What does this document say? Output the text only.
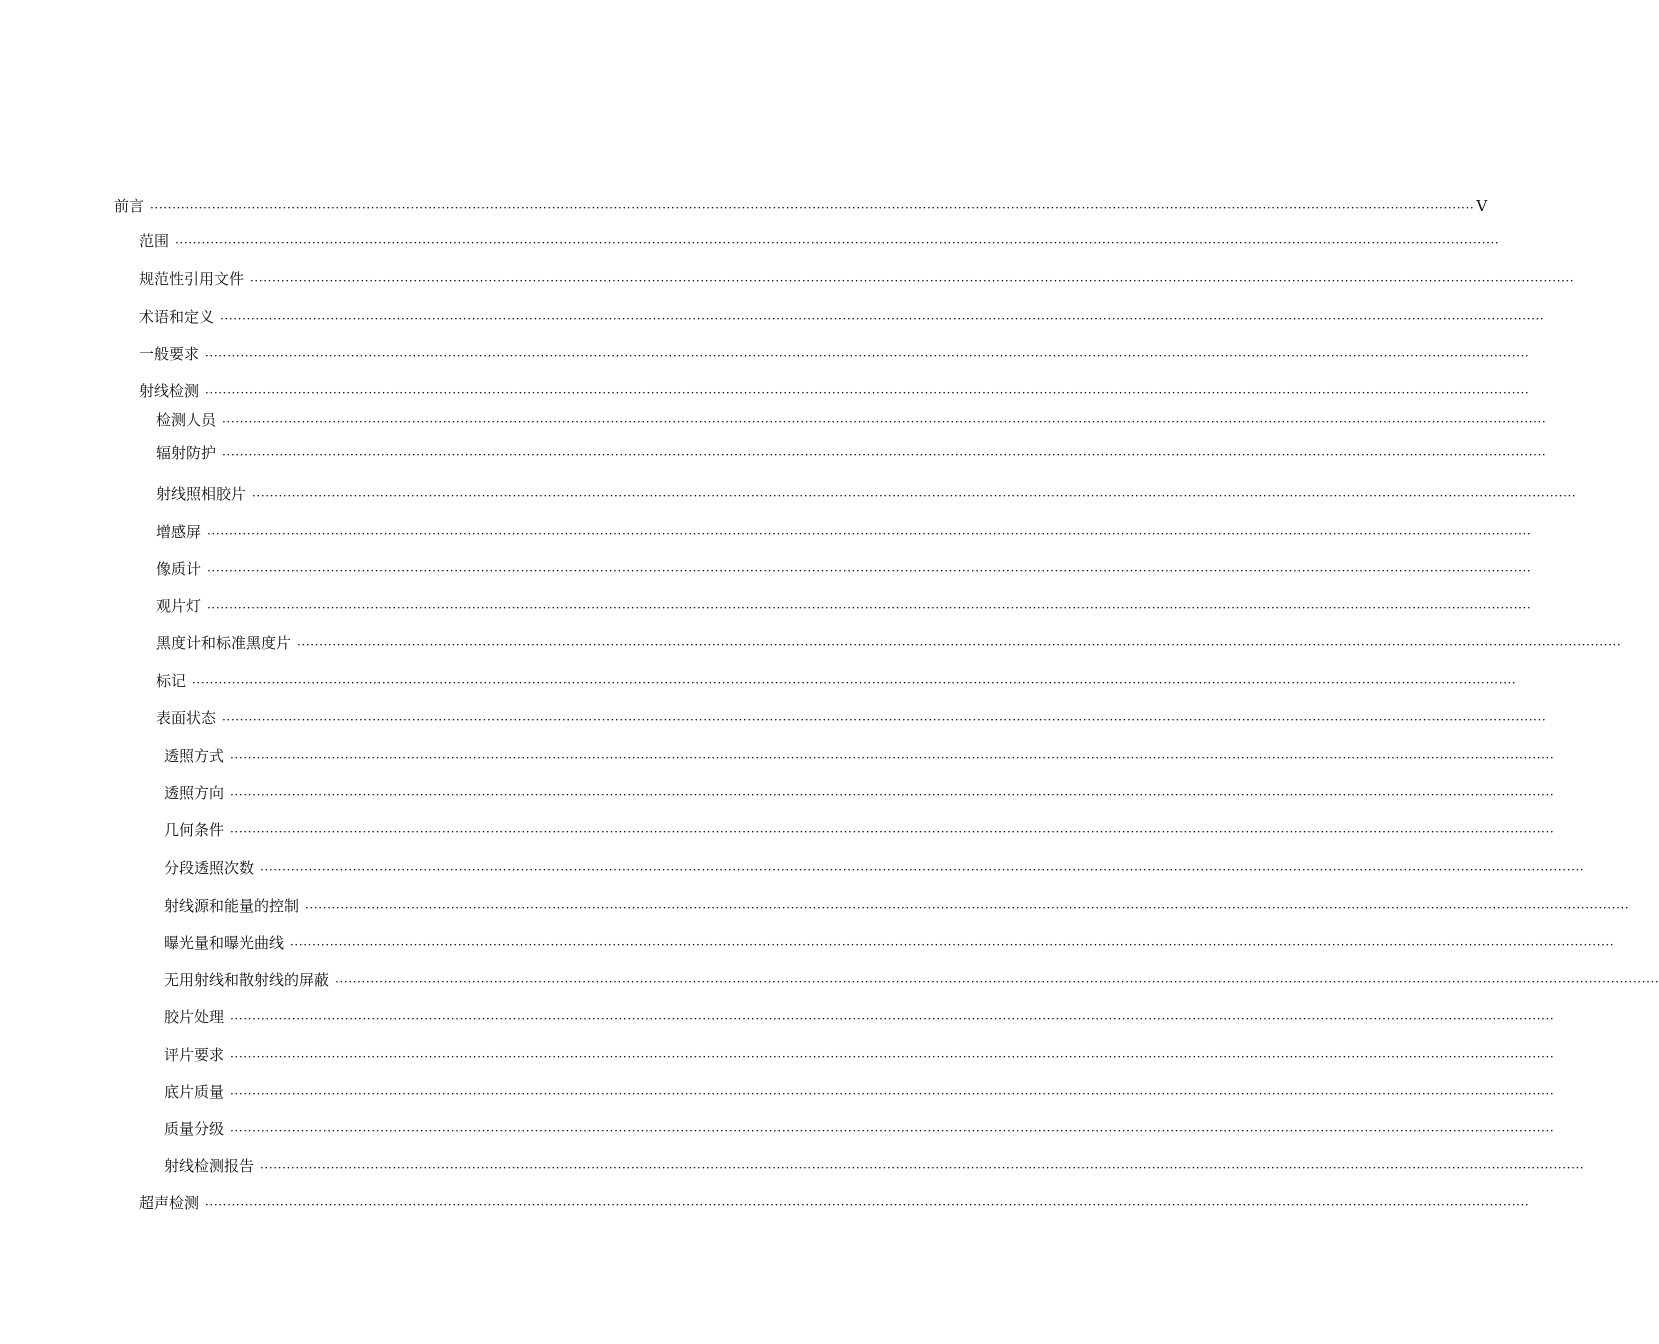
前言 ············································································································································································································································································································ V
范围 ············································································································································································································································································································
规范性引用文件 ············································································································································································································································································································
术语和定义 ············································································································································································································································································································
一般要求 ············································································································································································································································································································
射线检测 ············································································································································································································································································································
检测人员 ············································································································································································································································································································
辐射防护 ············································································································································································································································································································
射线照相胶片 ············································································································································································································································································································
增感屏 ············································································································································································································································································································
像质计 ············································································································································································································································································································
观片灯 ············································································································································································································································································································
黑度计和标准黑度片 ············································································································································································································································································································
标记 ············································································································································································································································································································
表面状态 ············································································································································································································································································································
透照方式 ············································································································································································································································································································
透照方向 ············································································································································································································································································································
几何条件 ············································································································································································································································································································
分段透照次数 ············································································································································································································································································································
射线源和能量的控制 ············································································································································································································································································································
曝光量和曝光曲线 ············································································································································································································································································································
无用射线和散射线的屏蔽 ············································································································································································································································································································
胶片处理 ············································································································································································································································································································
评片要求 ············································································································································································································································································································
底片质量 ············································································································································································································································································································
质量分级 ············································································································································································································································································································
射线检测报告 ············································································································································································································································································································
超声检测 ············································································································································································································································································································
